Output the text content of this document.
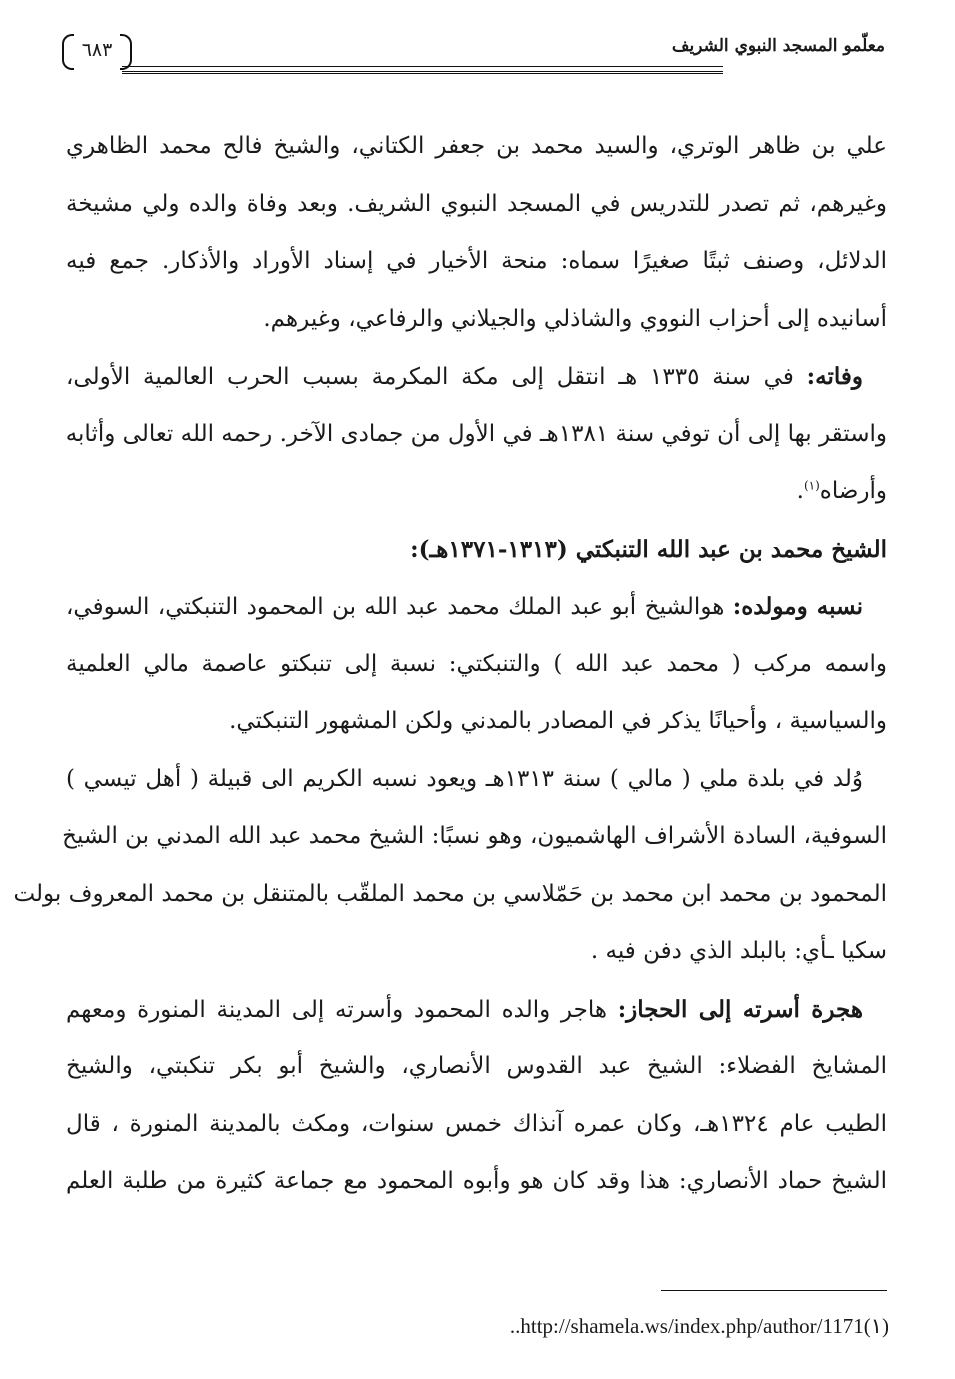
٦٨٣	معلّمو المسجد النبوي الشريف
علي بن ظاهر الوتري، والسيد محمد بن جعفر الكتاني، والشيخ فالح محمد الظاهري
وغيرهم، ثم تصدر للتدريس في المسجد النبوي الشريف. وبعد وفاة والده ولي مشيخة
الدلائل، وصنف ثبتًا صغيرًا سماه: منحة الأخيار في إسناد الأوراد والأذكار. جمع فيه
أسانيده إلى أحزاب النووي والشاذلي والجيلاني والرفاعي، وغيرهم.
وفاته: في سنة ١٣٣٥ هـ انتقل إلى مكة المكرمة بسبب الحرب العالمية الأولى،
واستقر بها إلى أن توفي سنة ١٣٨١هـ في الأول من جمادى الآخر. رحمه الله تعالى وأثابه
وأرضاه$^{(١)}$.
الشيخ محمد بن عبد الله التنبكتي (١٣١٣-١٣٧١هـ):
نسبه ومولده: هوالشيخ أبو عبد الملك محمد عبد الله بن المحمود التنبكتي، السوفي،
واسمه مركب ( محمد عبد الله ) والتنبكتي: نسبة إلى تنبكتو عاصمة مالي العلمية
والسياسية ، وأحيانًا يذكر في المصادر بالمدني ولكن المشهور التنبكتي.
وُلد في بلدة ملي ( مالي ) سنة ١٣١٣هـ ويعود نسبه الكريم الى قبيلة ( أهل تيسي )
السوفية، السادة الأشراف الهاشميون، وهو نسبًا: الشيخ محمد عبد الله المدني بن الشيخ
المحمود بن محمد ابن محمد بن حَمّلاسي بن محمد الملقّب بالمتنقل بن محمد المعروف بولت
سكيا ـأي: بالبلد الذي دفن فيه .
هجرة أسرته إلى الحجاز: هاجر والده المحمود وأسرته إلى المدينة المنورة ومعهم
المشايخ الفضلاء: الشيخ عبد القدوس الأنصاري، والشيخ أبو بكر تنكبتي، والشيخ
الطيب عام ١٣٢٤هـ، وكان عمره آنذاك خمس سنوات، ومكث بالمدينة المنورة ، قال
الشيخ حماد الأنصاري: هذا وقد كان هو وأبوه المحمود مع جماعة كثيرة من طلبة العلم
..http://shamela.ws/index.php/author/1171(١)
